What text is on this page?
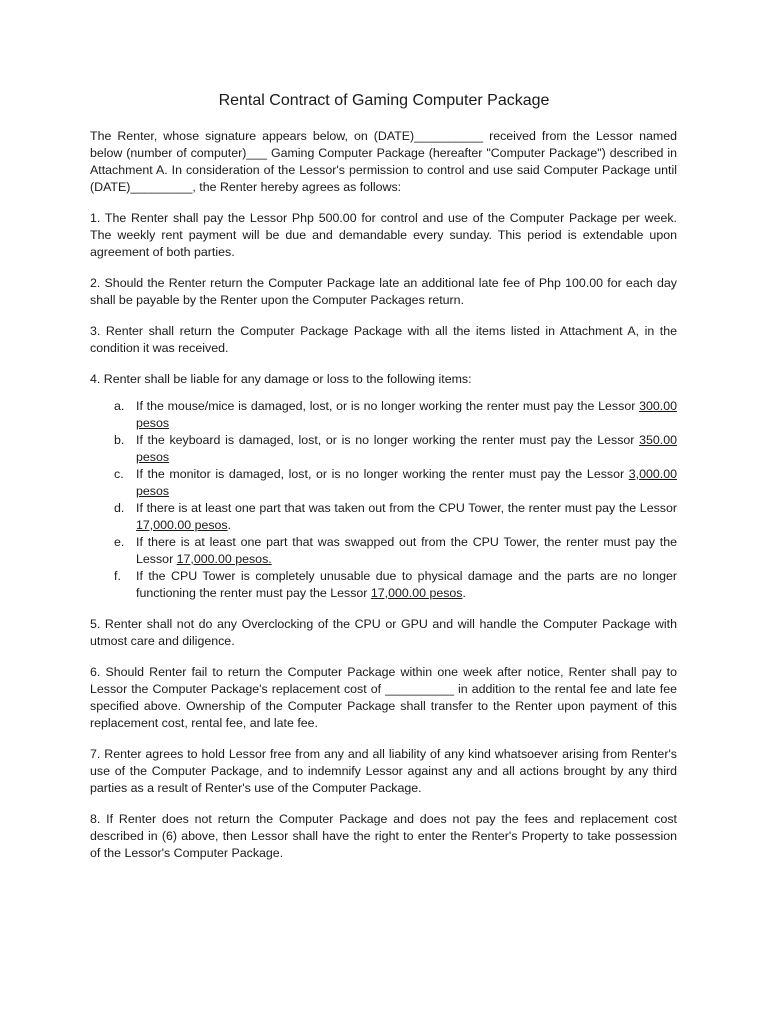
Rental Contract of Gaming Computer Package

The Renter, whose signature appears below, on (DATE)__________ received from the Lessor named below (number of computer)___ Gaming Computer Package (hereafter "Computer Package") described in Attachment A. In consideration of the Lessor's permission to control and use said Computer Package until (DATE)_________, the Renter hereby agrees as follows:

1. The Renter shall pay the Lessor Php 500.00 for control and use of the Computer Package per week. The weekly rent payment will be due and demandable every sunday. This period is extendable upon agreement of both parties.

2. Should the Renter return the Computer Package late an additional late fee of Php 100.00 for each day shall be payable by the Renter upon the Computer Packages return.

3. Renter shall return the Computer Package Package with all the items listed in Attachment A, in the condition it was received.

4. Renter shall be liable for any damage or loss to the following items:

a. If the mouse/mice is damaged, lost, or is no longer working the renter must pay the Lessor 300.00 pesos
b. If the keyboard is damaged, lost, or is no longer working the renter must pay the Lessor 350.00 pesos
c. If the monitor is damaged, lost, or is no longer working the renter must pay the Lessor 3,000.00 pesos
d. If there is at least one part that was taken out from the CPU Tower, the renter must pay the Lessor 17,000.00 pesos.
e. If there is at least one part that was swapped out from the CPU Tower, the renter must pay the Lessor 17,000.00 pesos.
f. If the CPU Tower is completely unusable due to physical damage and the parts are no longer functioning the renter must pay the Lessor 17,000.00 pesos.

5. Renter shall not do any Overclocking of the CPU or GPU and will handle the Computer Package with utmost care and diligence.

6. Should Renter fail to return the Computer Package within one week after notice, Renter shall pay to Lessor the Computer Package's replacement cost of __________ in addition to the rental fee and late fee specified above. Ownership of the Computer Package shall transfer to the Renter upon payment of this replacement cost, rental fee, and late fee.

7. Renter agrees to hold Lessor free from any and all liability of any kind whatsoever arising from Renter's use of the Computer Package, and to indemnify Lessor against any and all actions brought by any third parties as a result of Renter's use of the Computer Package.

8. If Renter does not return the Computer Package and does not pay the fees and replacement cost described in (6) above, then Lessor shall have the right to enter the Renter's Property to take possession of the Lessor's Computer Package.
